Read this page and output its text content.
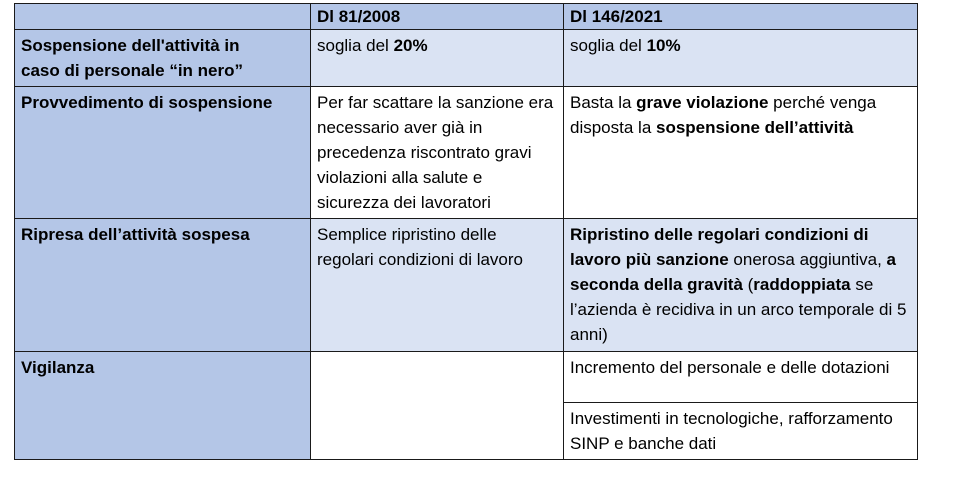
	Dl 81/2008	Dl 146/2021
Sospensione dell'attività in
caso di personale “in nero”	soglia del 20%	soglia del 10%
Provvedimento di sospensione	Per far scattare la sanzione era necessario aver già in precedenza riscontrato gravi violazioni alla salute e sicurezza dei lavoratori	Basta la grave violazione perché venga disposta la sospensione dell’attività
Ripresa dell’attività sospesa	Semplice ripristino delle regolari condizioni di lavoro	Ripristino delle regolari condizioni di lavoro più sanzione onerosa aggiuntiva, a seconda della gravità (raddoppiata se l’azienda è recidiva in un arco temporale di 5 anni)
Vigilanza		Incremento del personale e delle dotazioni
		Investimenti in tecnologiche, rafforzamento SINP e banche dati
